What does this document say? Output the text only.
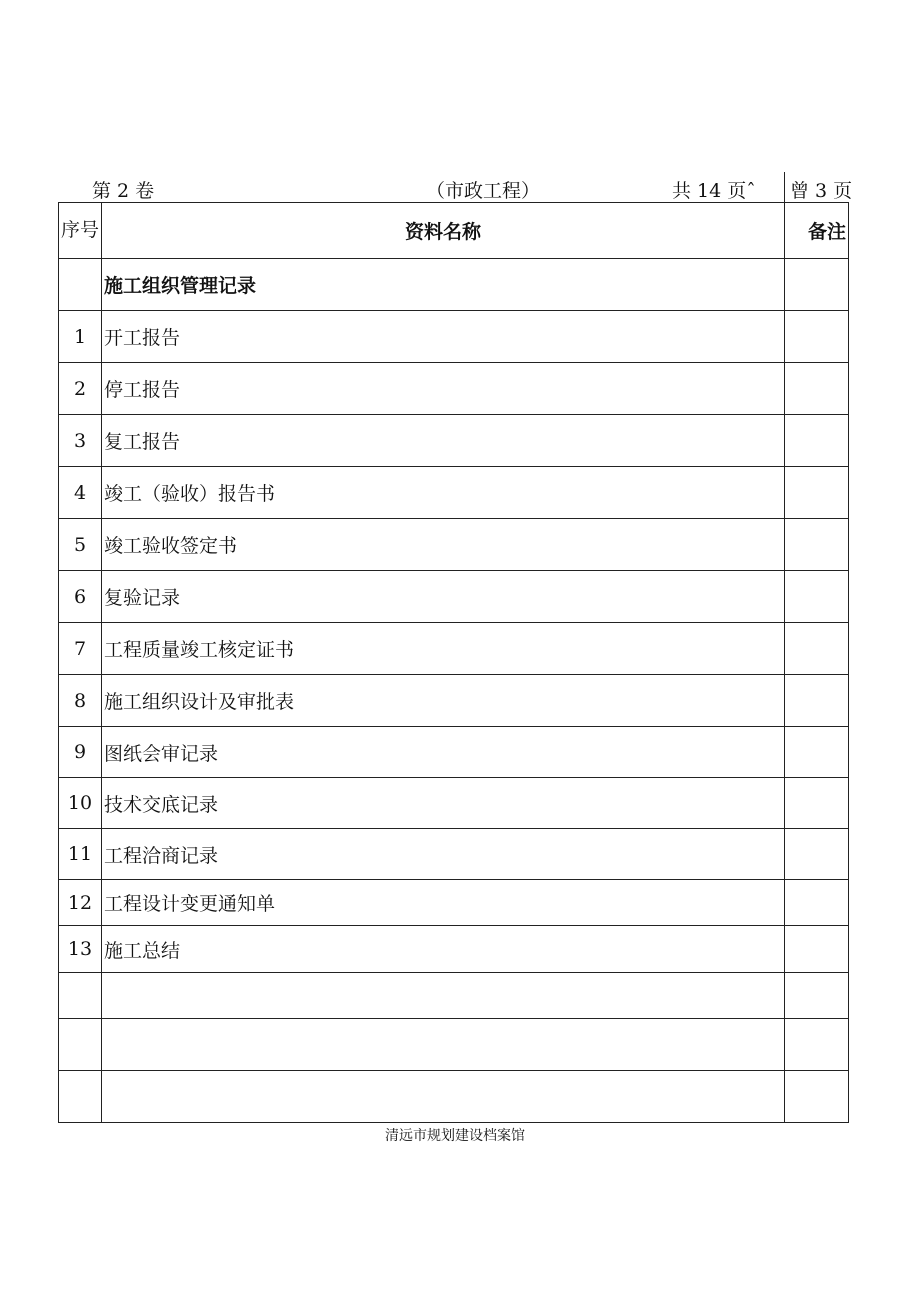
第 2 卷	（市政工程）	共 14 页ˆ 曾 3 页
序号	资料名称	备注
	施工组织管理记录	
1	开工报告	
2	停工报告	
3	复工报告	
4	竣工（验收）报告书	
5	竣工验收签定书	
6	复验记录	
7	工程质量竣工核定证书	
8	施工组织设计及审批表	
9	图纸会审记录	
10	技术交底记录	
11	工程洽商记录	
12	工程设计变更通知单	
13	施工总结	

清远市规划建设档案馆
